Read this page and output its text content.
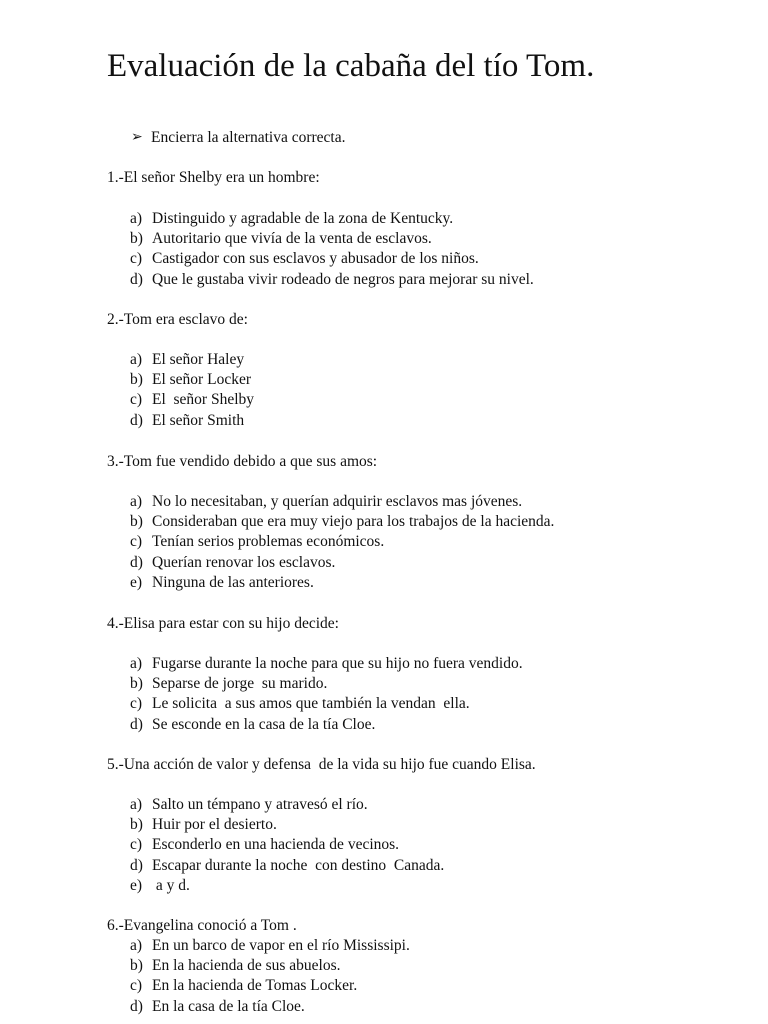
Evaluación de la cabaña del tío Tom.
➢ Encierra la alternativa correcta.
1.-El señor Shelby era un hombre:
a) Distinguido y agradable de la zona de Kentucky.
b) Autoritario que vivía de la venta de esclavos.
c) Castigador con sus esclavos y abusador de los niños.
d) Que le gustaba vivir rodeado de negros para mejorar su nivel.
2.-Tom era esclavo de:
a) El señor Haley
b) El señor Locker
c) El  señor Shelby
d) El señor Smith
3.-Tom fue vendido debido a que sus amos:
a) No lo necesitaban, y querían adquirir esclavos mas jóvenes.
b) Consideraban que era muy viejo para los trabajos de la hacienda.
c) Tenían serios problemas económicos.
d) Querían renovar los esclavos.
e) Ninguna de las anteriores.
4.-Elisa para estar con su hijo decide:
a) Fugarse durante la noche para que su hijo no fuera vendido.
b) Separse de jorge  su marido.
c) Le solicita  a sus amos que también la vendan  ella.
d) Se esconde en la casa de la tía Cloe.
5.-Una acción de valor y defensa  de la vida su hijo fue cuando Elisa.
a) Salto un témpano y atravesó el río.
b) Huir por el desierto.
c) Esconderlo en una hacienda de vecinos.
d) Escapar durante la noche  con destino  Canada.
e) a y d.
6.-Evangelina conoció a Tom .
a) En un barco de vapor en el río Mississipi.
b) En la hacienda de sus abuelos.
c) En la hacienda de Tomas Locker.
d) En la casa de la tía Cloe.
